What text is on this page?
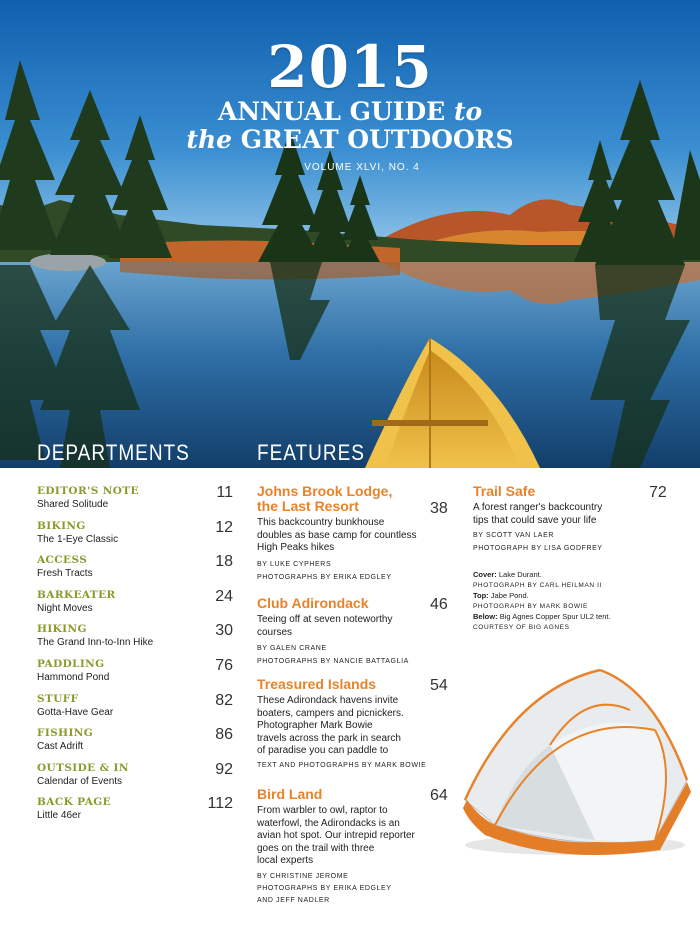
2015
ANNUAL GUIDE to
the GREAT OUTDOORS
VOLUME XLVI, NO. 4
DEPARTMENTS	FEATURES
EDITOR'S NOTE
Shared Solitude
11
BIKING
The 1-Eye Classic
12
ACCESS
Fresh Tracts
18
BARKEATER
Night Moves
24
HIKING
The Grand Inn-to-Inn Hike
30
PADDLING
Hammond Pond
76
STUFF
Gotta-Have Gear
82
FISHING
Cast Adrift
86
OUTSIDE & IN
Calendar of Events
92
BACK PAGE
Little 46er
112
Johns Brook Lodge,
the Last Resort
This backcountry bunkhouse
doubles as base camp for countless
High Peaks hikes
BY LUKE CYPHERS
PHOTOGRAPHS BY ERIKA EDGLEY
38
Club Adirondack
Teeing off at seven noteworthy
courses
BY GALEN CRANE
PHOTOGRAPHS BY NANCIE BATTAGLIA
46
Treasured Islands
These Adirondack havens invite
boaters, campers and picnickers.
Photographer Mark Bowie
travels across the park in search
of paradise you can paddle to
TEXT AND PHOTOGRAPHS BY MARK BOWIE
54
Bird Land
From warbler to owl, raptor to
waterfowl, the Adirondacks is an
avian hot spot. Our intrepid reporter
goes on the trail with three
local experts
BY CHRISTINE JEROME
PHOTOGRAPHS BY ERIKA EDGLEY
AND JEFF NADLER
64
Trail Safe
A forest ranger's backcountry
tips that could save your life
BY SCOTT VAN LAER
PHOTOGRAPH BY LISA GODFREY
72
Cover: Lake Durant.
PHOTOGRAPH BY CARL HEILMAN II
Top: Jabe Pond.
PHOTOGRAPH BY MARK BOWIE
Below: Big Agnes Copper Spur UL2 tent.
COURTESY OF BIG AGNES
